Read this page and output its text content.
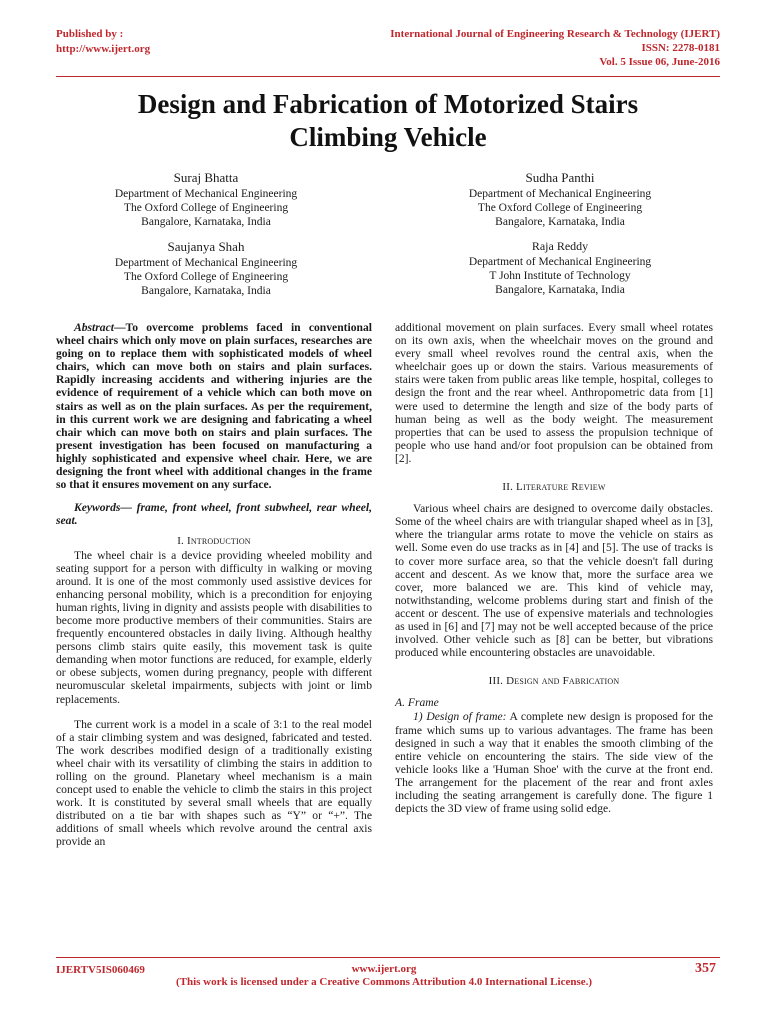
Published by :
http://www.ijert.org
International Journal of Engineering Research & Technology (IJERT)
ISSN: 2278-0181
Vol. 5 Issue 06, June-2016
Design and Fabrication of Motorized Stairs
Climbing Vehicle
Suraj Bhatta
Department of Mechanical Engineering
The Oxford College of Engineering
Bangalore, Karnataka, India
Sudha Panthi
Department of Mechanical Engineering
The Oxford College of Engineering
Bangalore, Karnataka, India
Saujanya Shah
Department of Mechanical Engineering
The Oxford College of Engineering
Bangalore, Karnataka, India
Raja Reddy
Department of Mechanical Engineering
T John Institute of Technology
Bangalore, Karnataka, India

Abstract—To overcome problems faced in conventional wheel chairs which only move on plain surfaces, researches are going on to replace them with sophisticated models of wheel chairs, which can move both on stairs and plain surfaces. Rapidly increasing accidents and withering injuries are the evidence of requirement of a vehicle which can both move on stairs as well as on the plain surfaces. As per the requirement, in this current work we are designing and fabricating a wheel chair which can move both on stairs and plain surfaces. The present investigation has been focused on manufacturing a highly sophisticated and expensive wheel chair. Here, we are designing the front wheel with additional changes in the frame so that it ensures movement on any surface.

Keywords— frame, front wheel, front subwheel, rear wheel, seat.

I. Introduction

The wheel chair is a device providing wheeled mobility and seating support for a person with difficulty in walking or moving around. It is one of the most commonly used assistive devices for enhancing personal mobility, which is a precondition for enjoying human rights, living in dignity and assists people with disabilities to become more productive members of their communities. Stairs are frequently encountered obstacles in daily living. Although healthy persons climb stairs quite easily, this movement task is quite demanding when motor functions are reduced, for example, elderly or obese subjects, women during pregnancy, people with different neuromuscular skeletal impairments, subjects with joint or limb replacements.

The current work is a model in a scale of 3:1 to the real model of a stair climbing system and was designed, fabricated and tested. The work describes modified design of a traditionally existing wheel chair with its versatility of climbing the stairs in addition to rolling on the ground. Planetary wheel mechanism is a main concept used to enable the vehicle to climb the stairs in this project work. It is constituted by several small wheels that are equally distributed on a tie bar with shapes such as “Y” or “+”. The additions of small wheels which revolve around the central axis provide an

additional movement on plain surfaces. Every small wheel rotates on its own axis, when the wheelchair moves on the ground and every small wheel revolves round the central axis, when the wheelchair goes up or down the stairs. Various measurements of stairs were taken from public areas like temple, hospital, colleges to design the front and the rear wheel. Anthropometric data from [1] were used to determine the length and size of the body parts of human being as well as the body weight. The measurement properties that can be used to assess the propulsion technique of people who use hand and/or foot propulsion can be obtained from [2].

II. Literature Review

Various wheel chairs are designed to overcome daily obstacles. Some of the wheel chairs are with triangular shaped wheel as in [3], where the triangular arms rotate to move the vehicle on stairs as well. Some even do use tracks as in [4] and [5]. The use of tracks is to cover more surface area, so that the vehicle doesn't fall during accent and descent. As we know that, more the surface area we cover, more balanced we are. This kind of vehicle may, notwithstanding, welcome problems during start and finish of the accent or descent. The use of expensive materials and technologies as used in [6] and [7] may not be well accepted because of the price involved. Other vehicle such as [8] can be better, but vibrations produced while encountering obstacles are unavoidable.

III. Design and Fabrication

A. Frame

1) Design of frame: A complete new design is proposed for the frame which sums up to various advantages. The frame has been designed in such a way that it enables the smooth climbing of the entire vehicle on encountering the stairs. The side view of the vehicle looks like a 'Human Shoe' with the curve at the front end. The arrangement for the placement of the rear and front axles including the seating arrangement is carefully done. The figure 1 depicts the 3D view of frame using solid edge.

IJERTV5IS060469	www.ijert.org
(This work is licensed under a Creative Commons Attribution 4.0 International License.)
357
